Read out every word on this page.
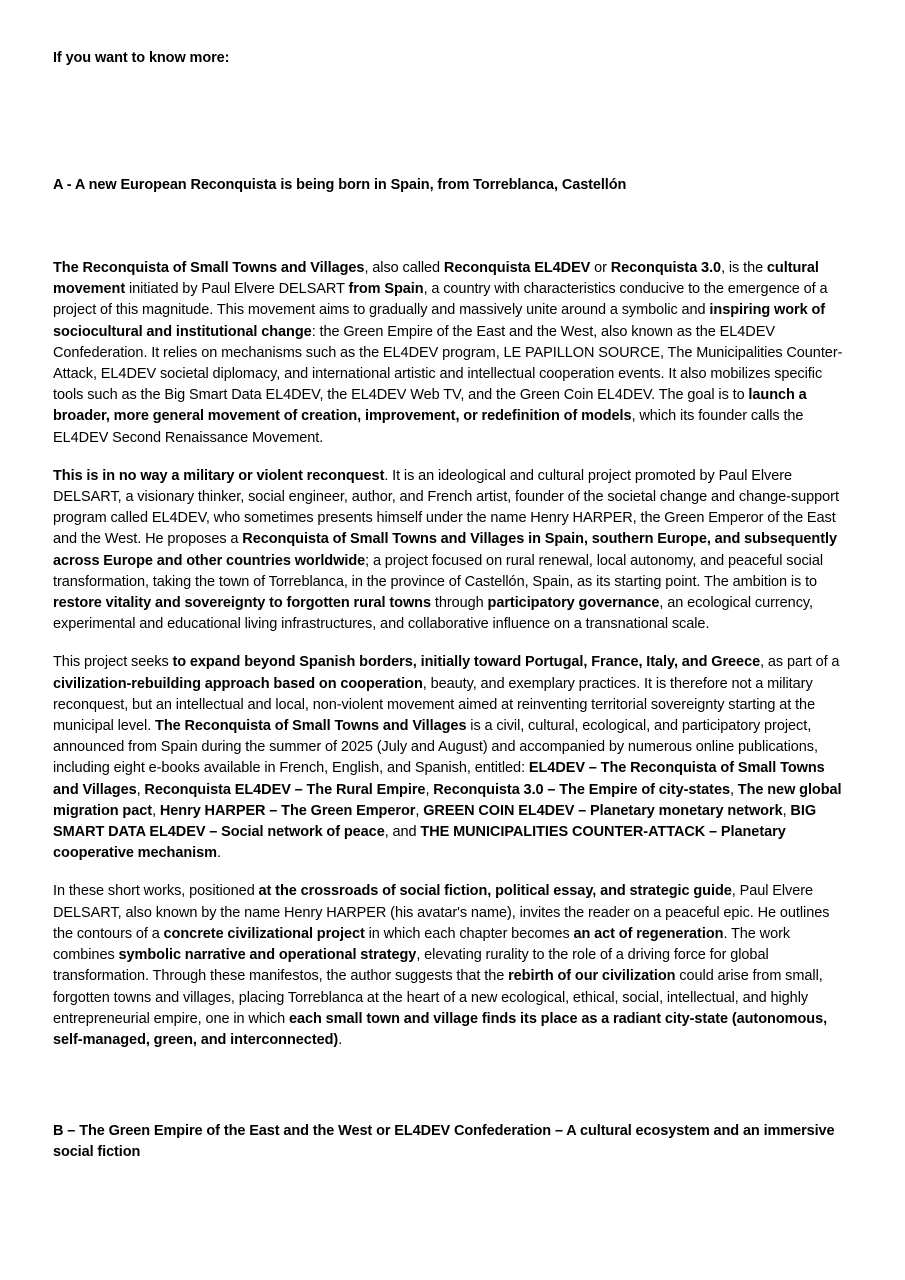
If you want to know more:
A - A new European Reconquista is being born in Spain, from Torreblanca, Castellón

The Reconquista of Small Towns and Villages, also called Reconquista EL4DEV or Reconquista 3.0, is the cultural movement initiated by Paul Elvere DELSART from Spain, a country with characteristics conducive to the emergence of a project of this magnitude. This movement aims to gradually and massively unite around a symbolic and inspiring work of sociocultural and institutional change: the Green Empire of the East and the West, also known as the EL4DEV Confederation. It relies on mechanisms such as the EL4DEV program, LE PAPILLON SOURCE, The Municipalities Counter-Attack, EL4DEV societal diplomacy, and international artistic and intellectual cooperation events. It also mobilizes specific tools such as the Big Smart Data EL4DEV, the EL4DEV Web TV, and the Green Coin EL4DEV. The goal is to launch a broader, more general movement of creation, improvement, or redefinition of models, which its founder calls the EL4DEV Second Renaissance Movement.

This is in no way a military or violent reconquest. It is an ideological and cultural project promoted by Paul Elvere DELSART, a visionary thinker, social engineer, author, and French artist, founder of the societal change and change-support program called EL4DEV, who sometimes presents himself under the name Henry HARPER, the Green Emperor of the East and the West. He proposes a Reconquista of Small Towns and Villages in Spain, southern Europe, and subsequently across Europe and other countries worldwide; a project focused on rural renewal, local autonomy, and peaceful social transformation, taking the town of Torreblanca, in the province of Castellón, Spain, as its starting point. The ambition is to restore vitality and sovereignty to forgotten rural towns through participatory governance, an ecological currency, experimental and educational living infrastructures, and collaborative influence on a transnational scale.

This project seeks to expand beyond Spanish borders, initially toward Portugal, France, Italy, and Greece, as part of a civilization-rebuilding approach based on cooperation, beauty, and exemplary practices. It is therefore not a military reconquest, but an intellectual and local, non-violent movement aimed at reinventing territorial sovereignty starting at the municipal level. The Reconquista of Small Towns and Villages is a civil, cultural, ecological, and participatory project, announced from Spain during the summer of 2025 (July and August) and accompanied by numerous online publications, including eight e-books available in French, English, and Spanish, entitled: EL4DEV – The Reconquista of Small Towns and Villages, Reconquista EL4DEV – The Rural Empire, Reconquista 3.0 – The Empire of city-states, The new global migration pact, Henry HARPER – The Green Emperor, GREEN COIN EL4DEV – Planetary monetary network, BIG SMART DATA EL4DEV – Social network of peace, and THE MUNICIPALITIES COUNTER-ATTACK – Planetary cooperative mechanism.

In these short works, positioned at the crossroads of social fiction, political essay, and strategic guide, Paul Elvere DELSART, also known by the name Henry HARPER (his avatar's name), invites the reader on a peaceful epic. He outlines the contours of a concrete civilizational project in which each chapter becomes an act of regeneration. The work combines symbolic narrative and operational strategy, elevating rurality to the role of a driving force for global transformation. Through these manifestos, the author suggests that the rebirth of our civilization could arise from small, forgotten towns and villages, placing Torreblanca at the heart of a new ecological, ethical, social, intellectual, and highly entrepreneurial empire, one in which each small town and village finds its place as a radiant city-state (autonomous, self-managed, green, and interconnected).

B – The Green Empire of the East and the West or EL4DEV Confederation – A cultural ecosystem and an immersive social fiction
